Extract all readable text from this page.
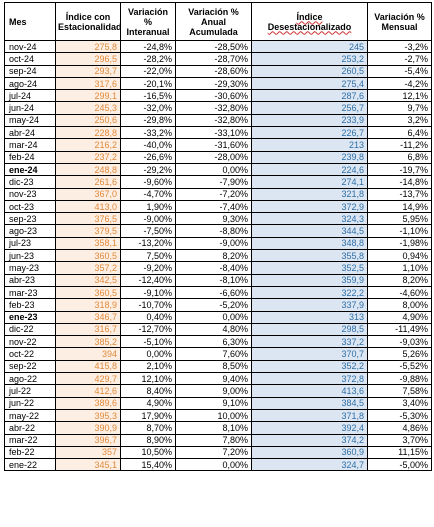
Mes	Índice con Estacionalidad	Variación % Interanual	Variación % Anual Acumulada	Índice Desestacionalizado	Variación % Mensual
nov-24	275,8	-24,8%	-28,50%	245	-3,2%
oct-24	296,5	-28,2%	-28,70%	253,2	-2,7%
sep-24	293,7	-22,0%	-28,60%	260,5	-5,4%
ago-24	317,6	-20,1%	-29,30%	275,4	-4,2%
jul-24	299,1	-16,5%	-30,60%	287,6	12,1%
jun-24	245,3	-32,0%	-32,80%	256,7	9,7%
may-24	250,6	-29,8%	-32,80%	233,9	3,2%
abr-24	228,8	-33,2%	-33,10%	226,7	6,4%
mar-24	216,2	-40,0%	-31,60%	213	-11,2%
feb-24	237,2	-26,6%	-28,00%	239,8	6,8%
ene-24	248,8	-29,2%	0,00%	224,6	-19,7%
dic-23	261,6	-9,60%	-7,90%	274,1	-14,8%
nov-23	367,0	-4,70%	-7,20%	321,8	-13,7%
oct-23	413,0	1,90%	-7,40%	372,9	14,9%
sep-23	376,5	-9,00%	9,30%	324,3	5,95%
ago-23	379,5	-7,50%	-8,80%	344,5	-1,10%
jul-23	358,1	-13,20%	-9,00%	348,8	-1,98%
jun-23	360,5	7,50%	8,20%	355,8	0,94%
may-23	357,2	-9,20%	-8,40%	352,5	1,10%
abr-23	342,5	-12,40%	-8,10%	359,9	8,20%
mar-23	360,5	-9,10%	-6,60%	322,2	-4,60%
feb-23	318,9	-10,70%	-5,20%	337,9	8,00%
ene-23	346,7	0,40%	0,00%	313	4,90%
dic-22	316,7	-12,70%	4,80%	298,5	-11,49%
nov-22	385,2	-5,10%	6,30%	337,2	-9,03%
oct-22	394	0,00%	7,60%	370,7	5,26%
sep-22	415,8	2,10%	8,50%	352,2	-5,52%
ago-22	429,7	12,10%	9,40%	372,8	-9,88%
jul-22	412,6	8,40%	9,00%	413,6	7,58%
jun-22	389,6	4,90%	9,10%	384,5	3,40%
may-22	395,3	17,90%	10,00%	371,8	-5,30%
abr-22	390,9	8,70%	8,10%	392,4	4,86%
mar-22	396,7	8,90%	7,80%	374,2	3,70%
feb-22	357	10,50%	7,20%	360,9	11,15%
ene-22	345,1	15,40%	0,00%	324,7	-5,00%
